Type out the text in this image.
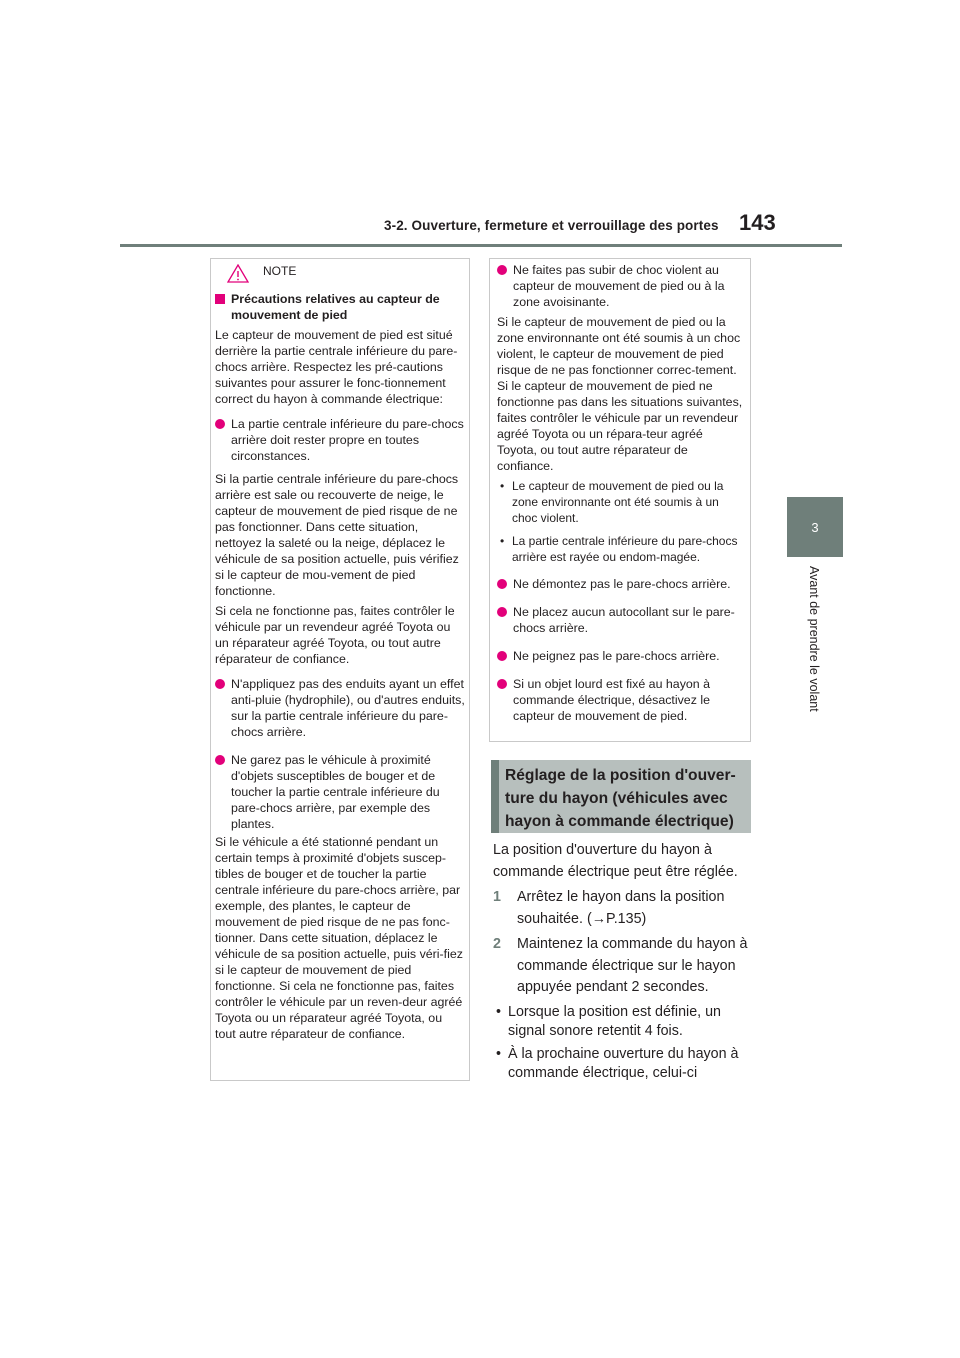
3-2. Ouverture, fermeture et verrouillage des portes 143
3
Avant de prendre le volant
NOTE
Précautions relatives au capteur de mouvement de pied

Le capteur de mouvement de pied est situé derrière la partie centrale inférieure du pare-chocs arrière. Respectez les pré-cautions suivantes pour assurer le fonc-tionnement correct du hayon à commande électrique:

La partie centrale inférieure du pare-chocs arrière doit rester propre en toutes circonstances.

Si la partie centrale inférieure du pare-chocs arrière est sale ou recouverte de neige, le capteur de mouvement de pied risque de ne pas fonctionner. Dans cette situation, nettoyez la saleté ou la neige, déplacez le véhicule de sa position actuelle, puis vérifiez si le capteur de mou-vement de pied fonctionne.

Si cela ne fonctionne pas, faites contrôler le véhicule par un revendeur agréé Toyota ou un réparateur agréé Toyota, ou tout autre réparateur de confiance.

N'appliquez pas des enduits ayant un effet anti-pluie (hydrophile), ou d'autres enduits, sur la partie centrale inférieure du pare-chocs arrière.
Ne garez pas le véhicule à proximité d'objets susceptibles de bouger et de toucher la partie centrale inférieure du pare-chocs arrière, par exemple des plantes.

Si le véhicule a été stationné pendant un certain temps à proximité d'objets suscep-tibles de bouger et de toucher la partie centrale inférieure du pare-chocs arrière, par exemple, des plantes, le capteur de mouvement de pied risque de ne pas fonc-tionner. Dans cette situation, déplacez le véhicule de sa position actuelle, puis véri-fiez si le capteur de mouvement de pied fonctionne. Si cela ne fonctionne pas, faites contrôler le véhicule par un reven-deur agréé Toyota ou un réparateur agréé Toyota, ou tout autre réparateur de confiance.

Ne faites pas subir de choc violent au capteur de mouvement de pied ou à la zone avoisinante.

Si le capteur de mouvement de pied ou la zone environnante ont été soumis à un choc violent, le capteur de mouvement de pied risque de ne pas fonctionner correc-tement. Si le capteur de mouvement de pied ne fonctionne pas dans les situations suivantes, faites contrôler le véhicule par un revendeur agréé Toyota ou un répara-teur agréé Toyota, ou tout autre réparateur de confiance.

• Le capteur de mouvement de pied ou la zone environnante ont été soumis à un choc violent.
• La partie centrale inférieure du pare-chocs arrière est rayée ou endom-magée.
Ne démontez pas le pare-chocs arrière.
Ne placez aucun autocollant sur le pare-chocs arrière.
Ne peignez pas le pare-chocs arrière.
Si un objet lourd est fixé au hayon à commande électrique, désactivez le capteur de mouvement de pied.
Réglage de la position d'ouver-ture du hayon (véhicules avec hayon à commande électrique)

La position d'ouverture du hayon à commande électrique peut être réglée.

1 Arrêtez le hayon dans la position souhaitée. (→P.135)
2 Maintenez la commande du hayon à commande électrique sur le hayon appuyée pendant 2 secondes.
• Lorsque la position est définie, un signal sonore retentit 4 fois.
• À la prochaine ouverture du hayon à commande électrique, celui-ci
